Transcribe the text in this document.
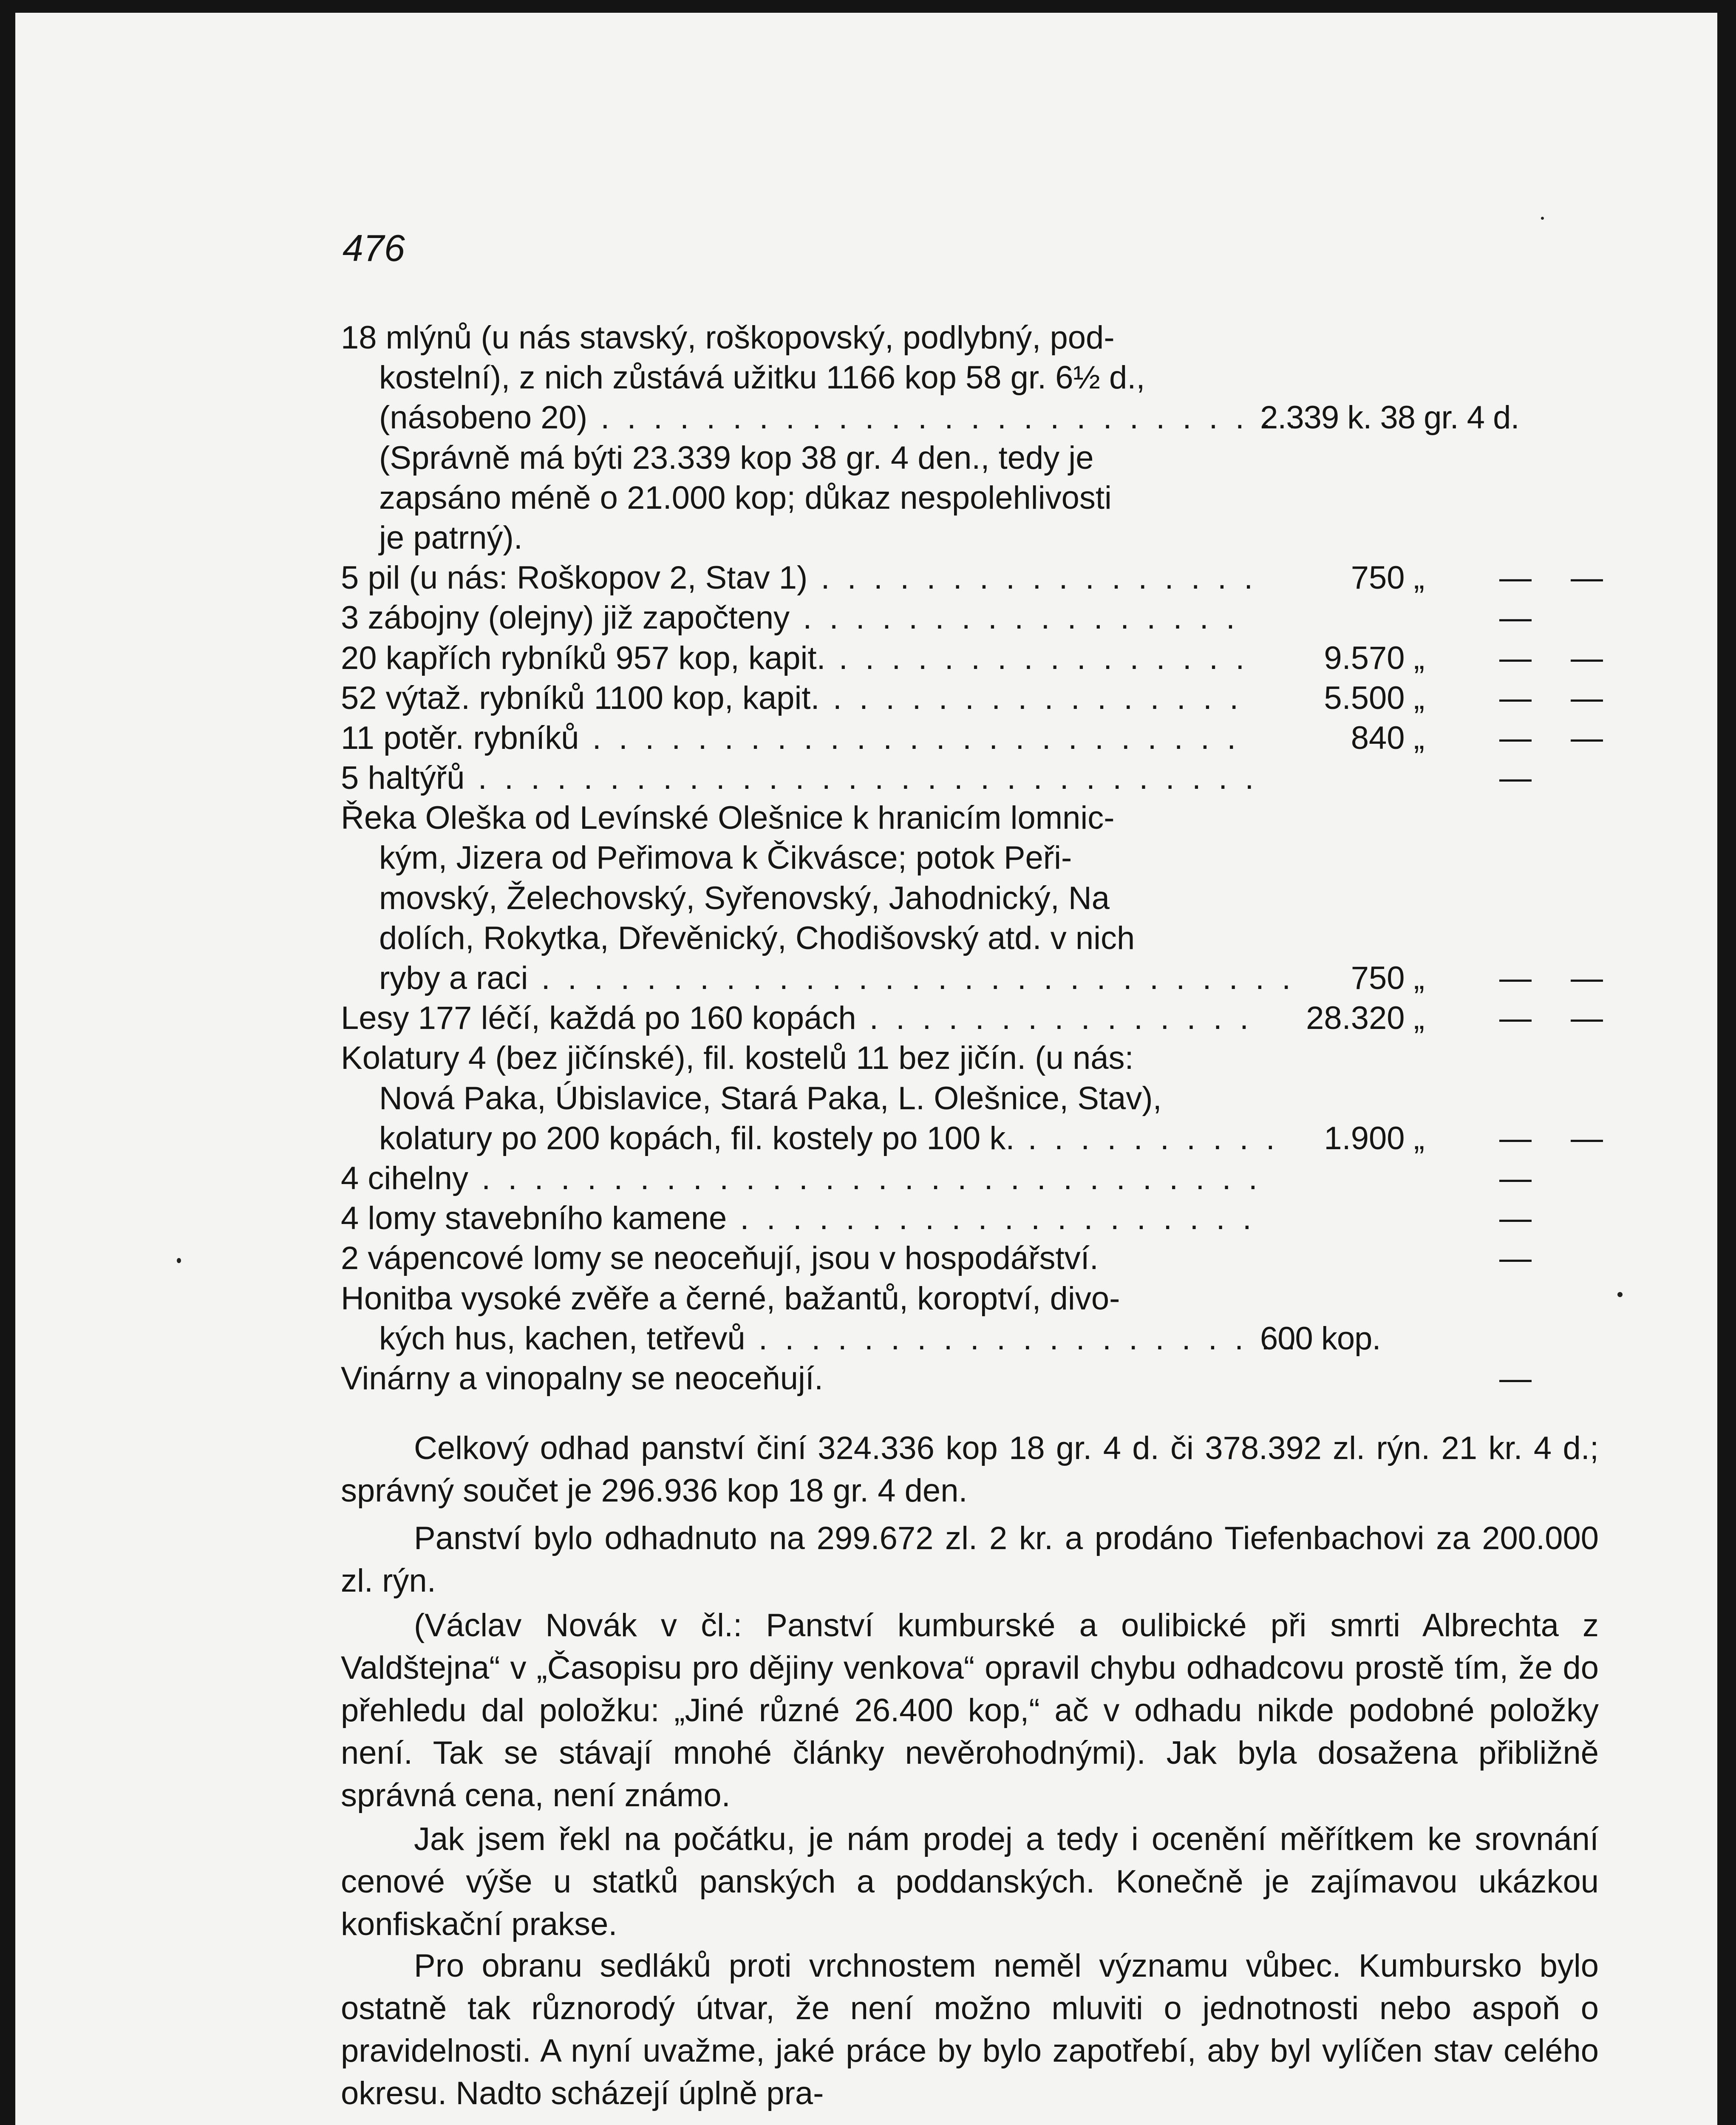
476
18 mlýnů (u nás stavský, roškopovský, podlybný, pod-
kostelní), z nich zůstává užitku 1166 kop 58 gr. 6½ d.,
(násobeno 20) . . .	2.339 k. 38 gr. 4 d.
(Správně má býti 23.339 kop 38 gr. 4 den., tedy je
zapsáno méně o 21.000 kop; důkaz nespolehlivosti
je patrný).
5 pil (u nás: Roškopov 2, Stav 1) . . .	750 „ — —
3 zábojny (olejny) již započteny . . .	—
20 kapřích rybníků 957 kop, kapit. . . .	9.570 „ — —
52 výtaž. rybníků 1100 kop, kapit. . . .	5.500 „ — —
11 potěr. rybníků . . .	840 „ — —
5 haltýřů . . .	—
Řeka Oleška od Levínské Olešnice k hranicím lomnic-
kým, Jizera od Peřimova k Čikvásce; potok Peři-
movský, Želechovský, Syřenovský, Jahodnický, Na
dolích, Rokytka, Dřevěnický, Chodišovský atd. v nich
ryby a raci . . .	750 „ — —
Lesy 177 léčí, každá po 160 kopách . . .	28.320 „ — —
Kolatury 4 (bez jičínské), fil. kostelů 11 bez jičín. (u nás:
Nová Paka, Úbislavice, Stará Paka, L. Olešnice, Stav),
kolatury po 200 kopách, fil. kostely po 100 k. . . .	1.900 „ — —
4 cihelny . . .	—
4 lomy stavebního kamene . . .	—
2 vápencové lomy se neoceňují, jsou v hospodářství.	—
Honitba vysoké zvěře a černé, bažantů, koroptví, divo-
kých hus, kachen, tetřevů . . .	600 kop.
Vinárny a vinopalny se neoceňují.	—

Celkový odhad panství činí 324.336 kop 18 gr. 4 d. či 378.392 zl. rýn. 21 kr. 4 d.; správný součet je 296.936 kop 18 gr. 4 den.

Panství bylo odhadnuto na 299.672 zl. 2 kr. a prodáno Tiefenbachovi za 200.000 zl. rýn.

(Václav Novák v čl.: Panství kumburské a oulibické při smrti Albrechta z Valdštejna“ v „Časopisu pro dějiny venkova“ opravil chybu odhadcovu prostě tím, že do přehledu dal položku: „Jiné různé 26.400 kop,“ ač v odhadu nikde podobné položky není. Tak se stávají mnohé články nevěrohodnými). Jak byla dosažena přibližně správná cena, není známo.

Jak jsem řekl na počátku, je nám prodej a tedy i ocenění měřítkem ke srovnání cenové výše u statků panských a poddanských. Konečně je zajímavou ukázkou konfiskační prakse.

Pro obranu sedláků proti vrchnostem neměl významu vůbec. Kumbursko bylo ostatně tak různorodý útvar, že není možno mluviti o jednotnosti nebo aspoň o pravidelnosti. A nyní uvažme, jaké práce by bylo zapotřebí, aby byl vylíčen stav celého okresu. Nadto scházejí úplně pra-
